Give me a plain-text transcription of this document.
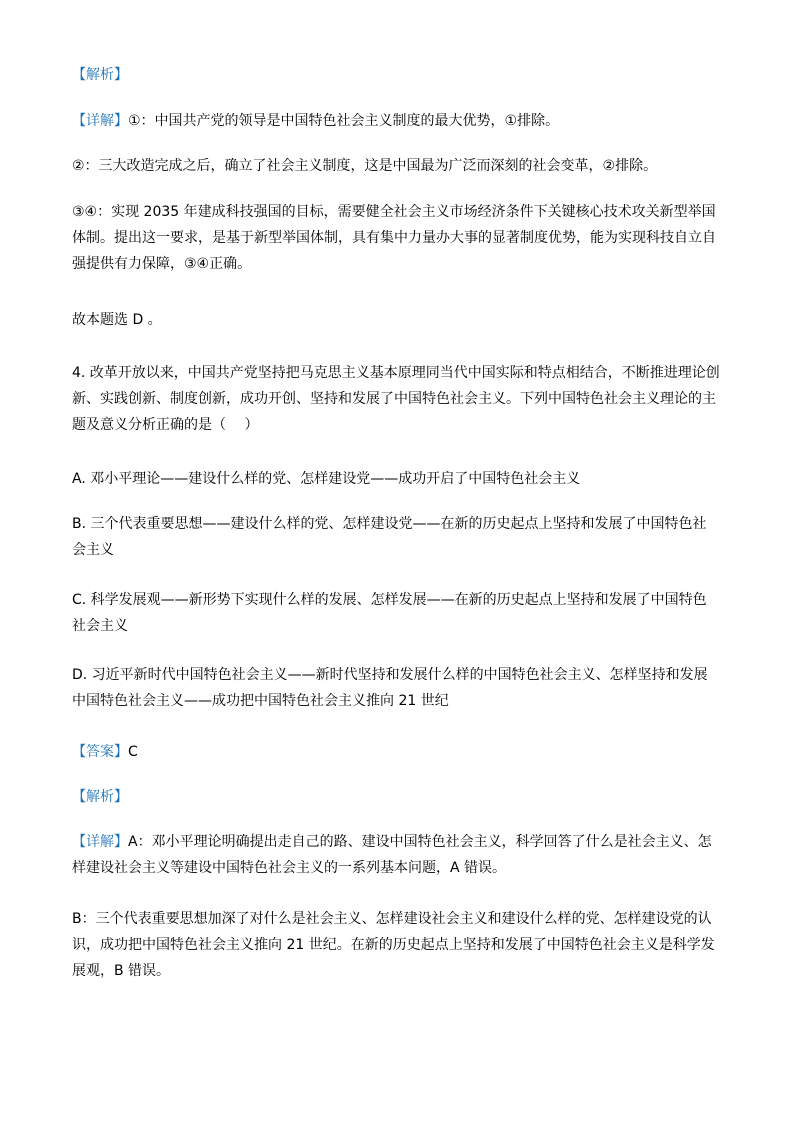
【解析】
【详解】①：中国共产党的领导是中国特色社会主义制度的最大优势，①排除。
②：三大改造完成之后，确立了社会主义制度，这是中国最为广泛而深刻的社会变革，②排除。
③④：实现 2035 年建成科技强国的目标，需要健全社会主义市场经济条件下关键核心技术攻关新型举国
体制。提出这一要求，是基于新型举国体制，具有集中力量办大事的显著制度优势，能为实现科技自立自
强提供有力保障，③④正确。
故本题选 D 。
4. 改革开放以来，中国共产党坚持把马克思主义基本原理同当代中国实际和特点相结合，不断推进理论创
新、实践创新、制度创新，成功开创、坚持和发展了中国特色社会主义。下列中国特色社会主义理论的主
题及意义分析正确的是（　 ）
A. 邓小平理论——建设什么样的党、怎样建设党——成功开启了中国特色社会主义
B. 三个代表重要思想——建设什么样的党、怎样建设党——在新的历史起点上坚持和发展了中国特色社
会主义
C. 科学发展观——新形势下实现什么样的发展、怎样发展——在新的历史起点上坚持和发展了中国特色
社会主义
D. 习近平新时代中国特色社会主义——新时代坚持和发展什么样的中国特色社会主义、怎样坚持和发展
中国特色社会主义——成功把中国特色社会主义推向 21 世纪
【答案】C
【解析】
【详解】A：邓小平理论明确提出走自己的路、建设中国特色社会主义，科学回答了什么是社会主义、怎
样建设社会主义等建设中国特色社会主义的一系列基本问题，A 错误。
B：三个代表重要思想加深了对什么是社会主义、怎样建设社会主义和建设什么样的党、怎样建设党的认
识，成功把中国特色社会主义推向 21 世纪。在新的历史起点上坚持和发展了中国特色社会主义是科学发
展观，B 错误。
